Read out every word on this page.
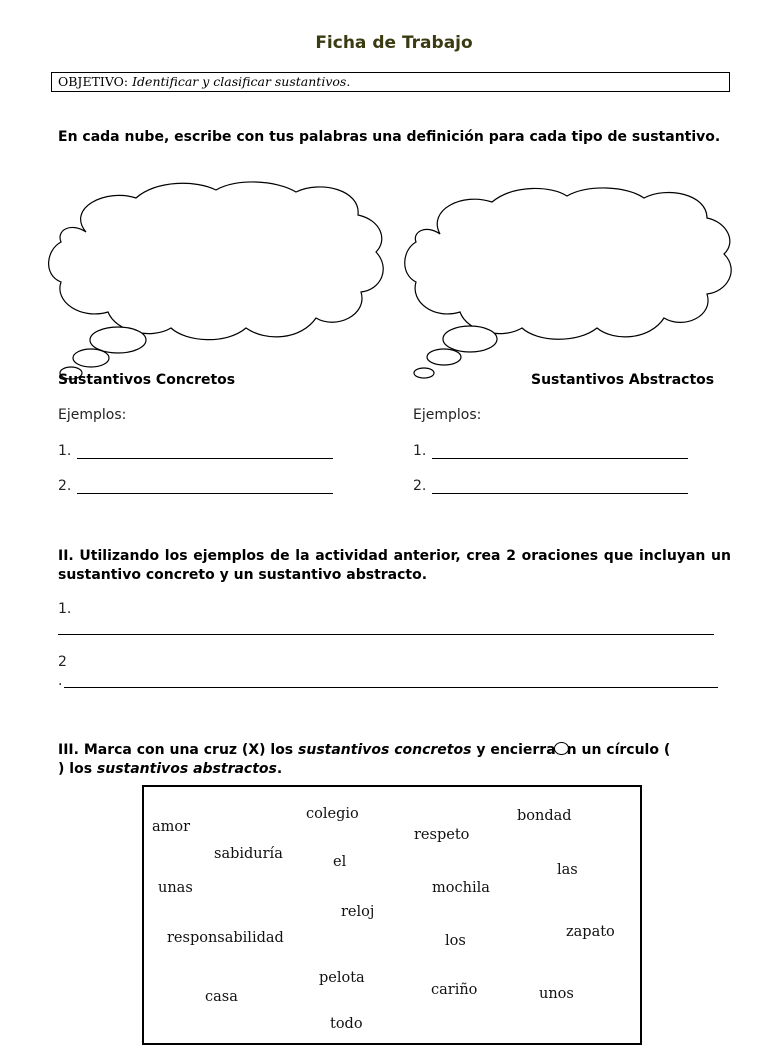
Ficha de Trabajo
OBJETIVO: Identificar y clasificar sustantivos.
En cada nube, escribe con tus palabras una definición para cada tipo de sustantivo.
Sustantivos Concretos	Sustantivos Abstractos
Ejemplos:	Ejemplos:
1.
2.
1.
2.
II. Utilizando los ejemplos de la actividad anterior, crea 2 oraciones que incluyan un sustantivo concreto y un sustantivo abstracto.
1.
2
.
III. Marca con una cruz (X) los sustantivos concretos y encierra n un círculo (
) los sustantivos abstractos.
amor
colegio
respeto
bondad
sabiduría	el	las
unas	mochila
reloj
responsabilidad	los
zapato
pelota
casa	cariño	unos
todo
